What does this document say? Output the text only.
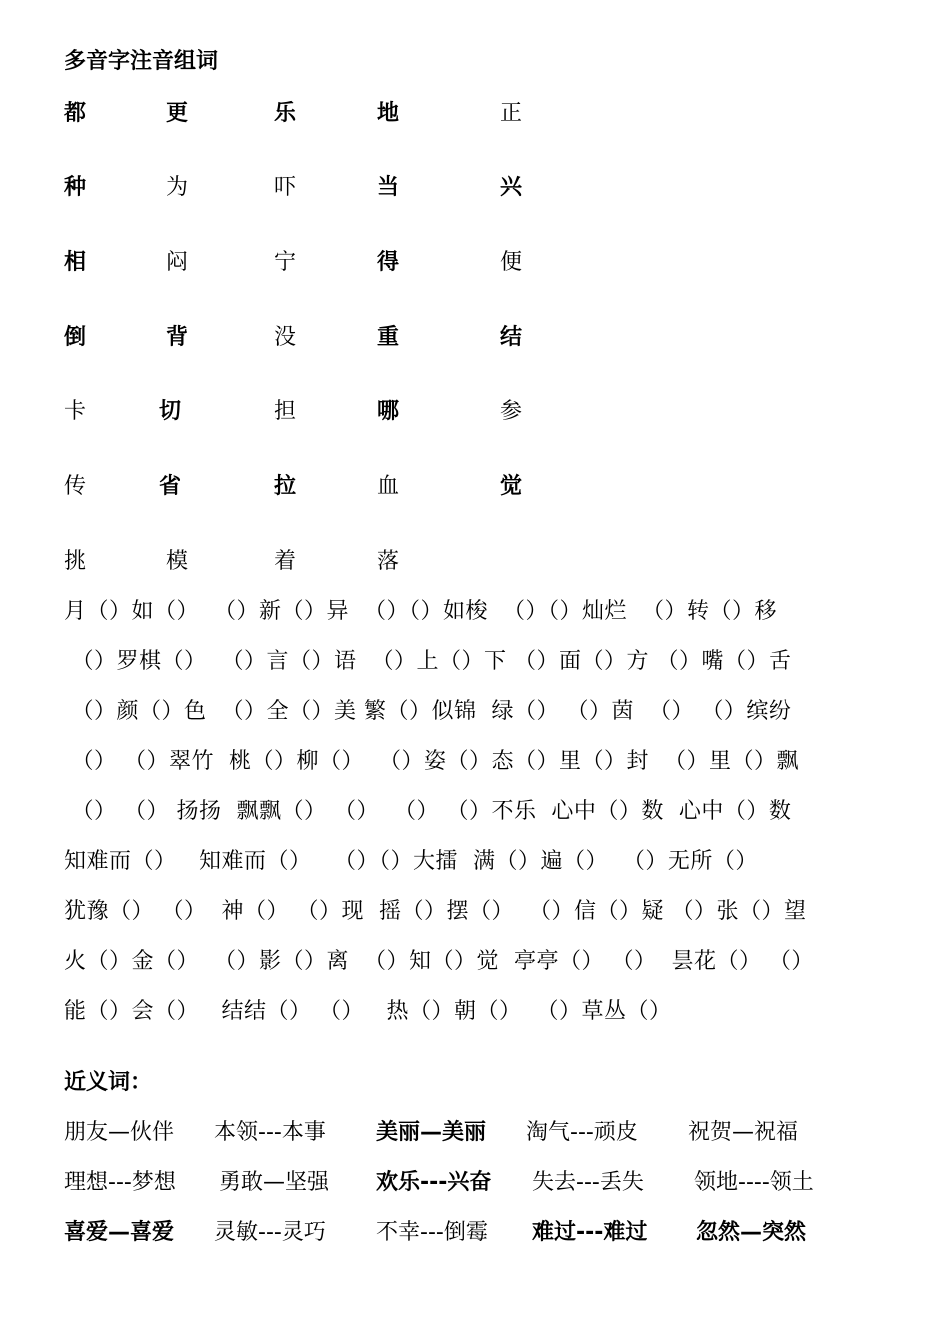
多音字注音组词
都	更	乐	地	正
种	为	吓	当	兴
相	闷	宁	得	便
倒	背	没	重	结
卡	切	担	哪	参
传	省	拉	血	觉
挑	模	着	落
月（）如（）  （）新（）异  （）（）如梭  （）（）灿烂  （）转（）移
（）罗棋（）  （）言（）语  （）上（）下 （）面（）方 （）嘴（）舌
（）颜（）色  （）全（）美 繁（）似锦  绿（） （）茵  （） （）缤纷
（） （）翠竹  桃（）柳（）  （）姿（）态（）里（）封  （）里（）飘
（） （） 扬扬  飘飘（） （）  （） （）不乐  心中（）数  心中（）数
知难而（）   知难而（）   （）（）大擂  满（）遍（）  （）无所（）
犹豫（） （）  神（） （）现  摇（）摆（）  （）信（）疑 （）张（）望
火（）金（）  （）影（）离  （）知（）觉  亭亭（） （）  昙花（） （）
能（）会（）   结结（） （）   热（）朝（）  （）草丛（）
近义词：
朋友—伙伴 本领---本事 美丽—美丽 淘气---顽皮 祝贺—祝福
理想---梦想 勇敢—坚强 欢乐---兴奋 失去---丢失 领地----领土
喜爱—喜爱 灵敏---灵巧 不幸---倒霉 难过---难过 忽然—突然
